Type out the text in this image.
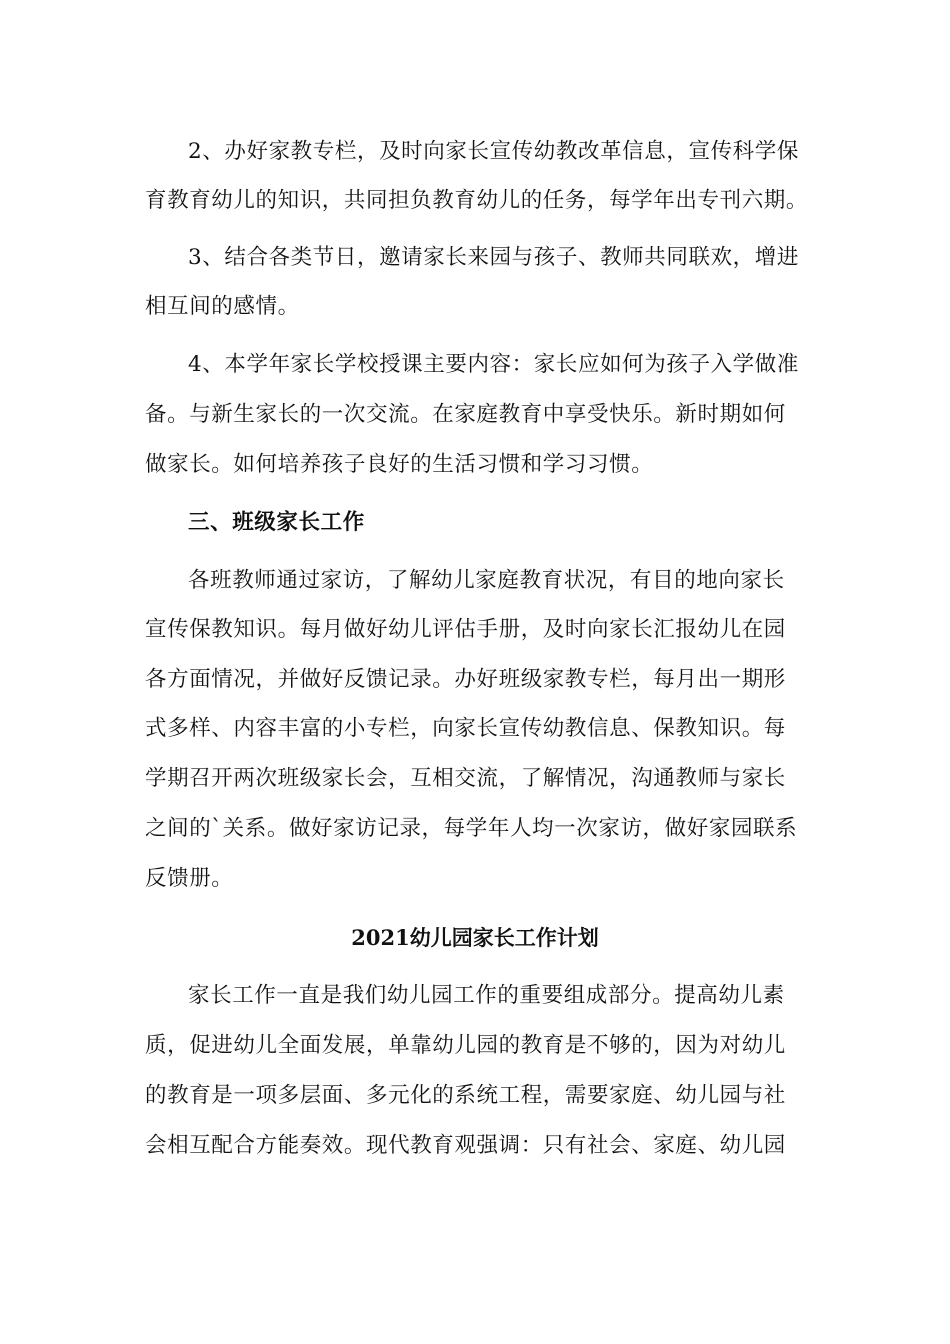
2、办好家教专栏，及时向家长宣传幼教改革信息，宣传科学保
育教育幼儿的知识，共同担负教育幼儿的任务，每学年出专刊六期。
3、结合各类节日，邀请家长来园与孩子、教师共同联欢，增进
相互间的感情。
4、本学年家长学校授课主要内容：家长应如何为孩子入学做准
备。与新生家长的一次交流。在家庭教育中享受快乐。新时期如何
做家长。如何培养孩子良好的生活习惯和学习习惯。
三、班级家长工作
各班教师通过家访，了解幼儿家庭教育状况，有目的地向家长
宣传保教知识。每月做好幼儿评估手册，及时向家长汇报幼儿在园
各方面情况，并做好反馈记录。办好班级家教专栏，每月出一期形
式多样、内容丰富的小专栏，向家长宣传幼教信息、保教知识。每
学期召开两次班级家长会，互相交流，了解情况，沟通教师与家长
之间的`关系。做好家访记录，每学年人均一次家访，做好家园联系
反馈册。
2021幼儿园家长工作计划
家长工作一直是我们幼儿园工作的重要组成部分。提高幼儿素
质，促进幼儿全面发展，单靠幼儿园的教育是不够的，因为对幼儿
的教育是一项多层面、多元化的系统工程，需要家庭、幼儿园与社
会相互配合方能奏效。现代教育观强调：只有社会、家庭、幼儿园
